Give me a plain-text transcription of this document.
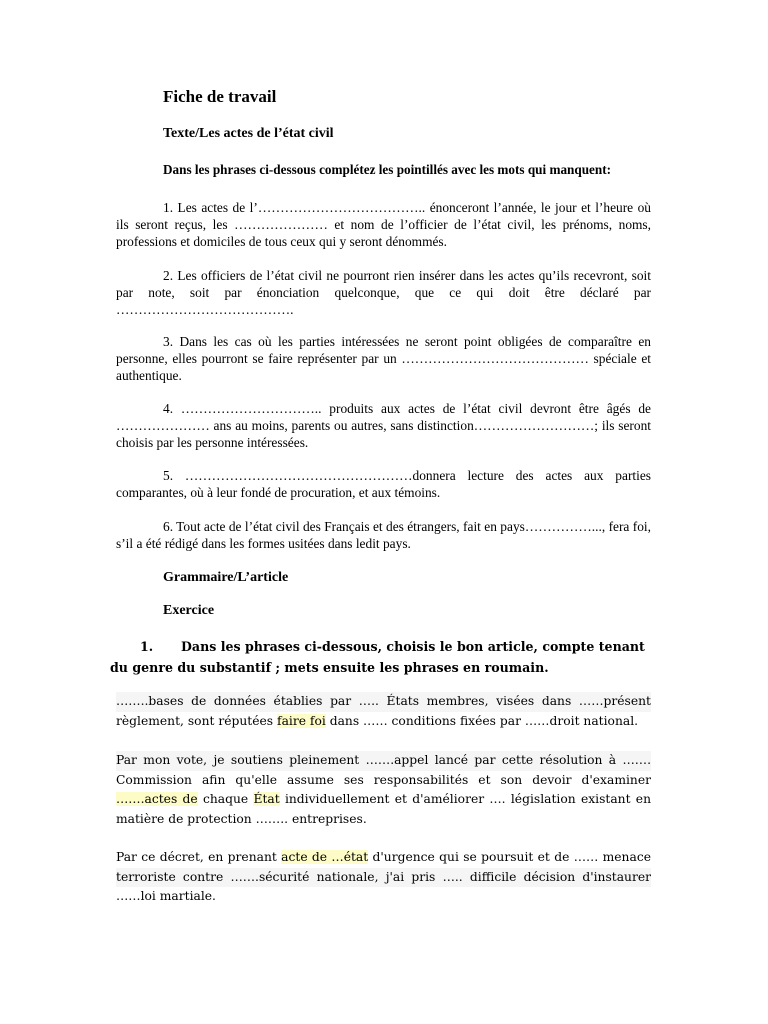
Fiche de travail
Texte/Les actes de l’état civil
Dans les phrases ci-dessous complétez les pointillés avec les mots qui manquent:
1. Les actes de l’……………………………….. énonceront l’année, le jour et l’heure où ils seront reçus, les ………………… et nom de l’officier de l’état civil, les prénoms, noms, professions et domiciles de tous ceux qui y seront dénommés.
2. Les officiers de l’état civil ne pourront rien insérer dans les actes qu’ils recevront, soit par note, soit par énonciation quelconque, que ce qui doit être déclaré par ………………………………….
3. Dans les cas où les parties intéressées ne seront point obligées de comparaître en personne, elles pourront se faire représenter par un …………………………………… spéciale et authentique.
4. ………………………….. produits aux actes de l’état civil devront être âgés de ………………… ans au moins, parents ou autres, sans distinction………………………; ils seront choisis par les personne intéressées.
5. ……………………………………………donnera lecture des actes aux parties comparantes, où à leur fondé de procuration, et aux témoins.
6. Tout acte de l’état civil des Français et des étrangers, fait en pays……………..., fera foi, s’il a été rédigé dans les formes usitées dans ledit pays.
Grammaire/L’article
Exercice
1. Dans les phrases ci-dessous, choisis le bon article, compte tenant du genre du substantif ; mets ensuite les phrases en roumain.
……..bases de données établies par ….. États membres, visées dans ……présent
règlement, sont réputées faire foi dans …… conditions fixées par ……droit national.
Par mon vote, je soutiens pleinement …….appel lancé par cette résolution à …….
Commission afin qu'elle assume ses responsabilités et son devoir d'examiner
…….actes de chaque État individuellement et d'améliorer …. législation existant en
matière de protection …….. entreprises.
Par ce décret, en prenant acte de …état d'urgence qui se poursuit et de …… menace
terroriste contre …….sécurité nationale, j'ai pris ….. difficile décision d'instaurer
……loi martiale.
